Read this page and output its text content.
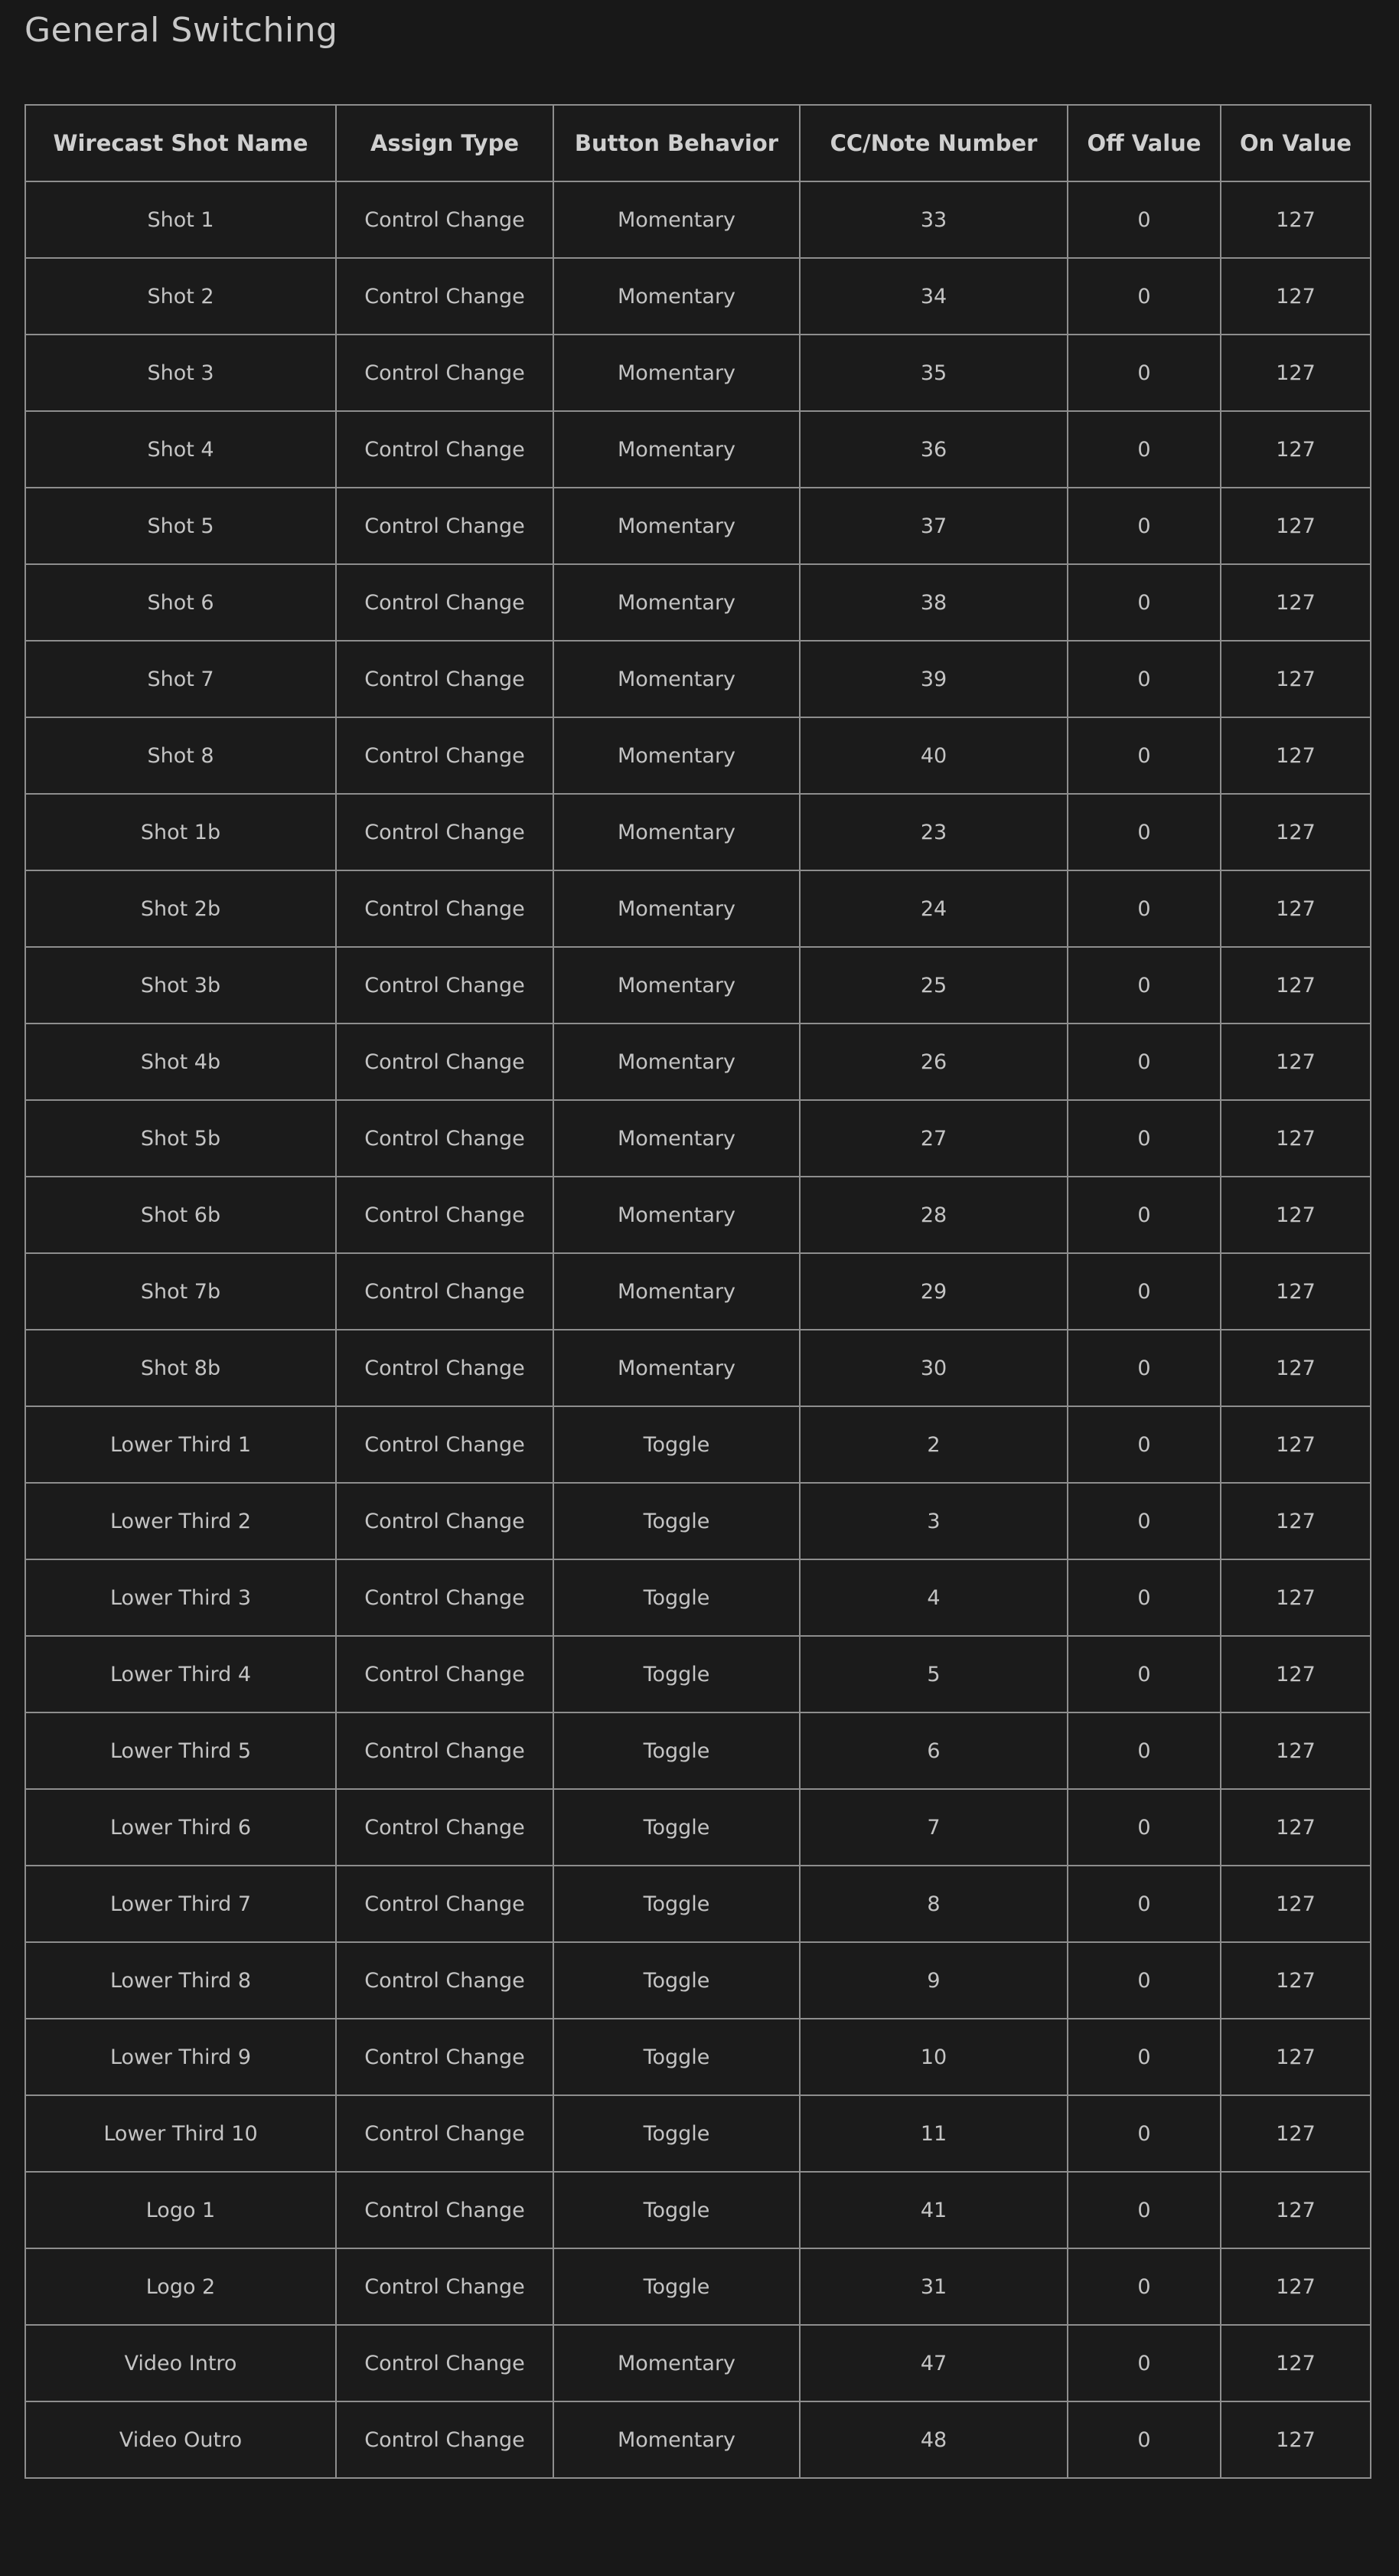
General Switching
Wirecast Shot Name	Assign Type	Button Behavior	CC/Note Number	Off Value	On Value
Shot 1	Control Change	Momentary	33	0	127
Shot 2	Control Change	Momentary	34	0	127
Shot 3	Control Change	Momentary	35	0	127
Shot 4	Control Change	Momentary	36	0	127
Shot 5	Control Change	Momentary	37	0	127
Shot 6	Control Change	Momentary	38	0	127
Shot 7	Control Change	Momentary	39	0	127
Shot 8	Control Change	Momentary	40	0	127
Shot 1b	Control Change	Momentary	23	0	127
Shot 2b	Control Change	Momentary	24	0	127
Shot 3b	Control Change	Momentary	25	0	127
Shot 4b	Control Change	Momentary	26	0	127
Shot 5b	Control Change	Momentary	27	0	127
Shot 6b	Control Change	Momentary	28	0	127
Shot 7b	Control Change	Momentary	29	0	127
Shot 8b	Control Change	Momentary	30	0	127
Lower Third 1	Control Change	Toggle	2	0	127
Lower Third 2	Control Change	Toggle	3	0	127
Lower Third 3	Control Change	Toggle	4	0	127
Lower Third 4	Control Change	Toggle	5	0	127
Lower Third 5	Control Change	Toggle	6	0	127
Lower Third 6	Control Change	Toggle	7	0	127
Lower Third 7	Control Change	Toggle	8	0	127
Lower Third 8	Control Change	Toggle	9	0	127
Lower Third 9	Control Change	Toggle	10	0	127
Lower Third 10	Control Change	Toggle	11	0	127
Logo 1	Control Change	Toggle	41	0	127
Logo 2	Control Change	Toggle	31	0	127
Video Intro	Control Change	Momentary	47	0	127
Video Outro	Control Change	Momentary	48	0	127
